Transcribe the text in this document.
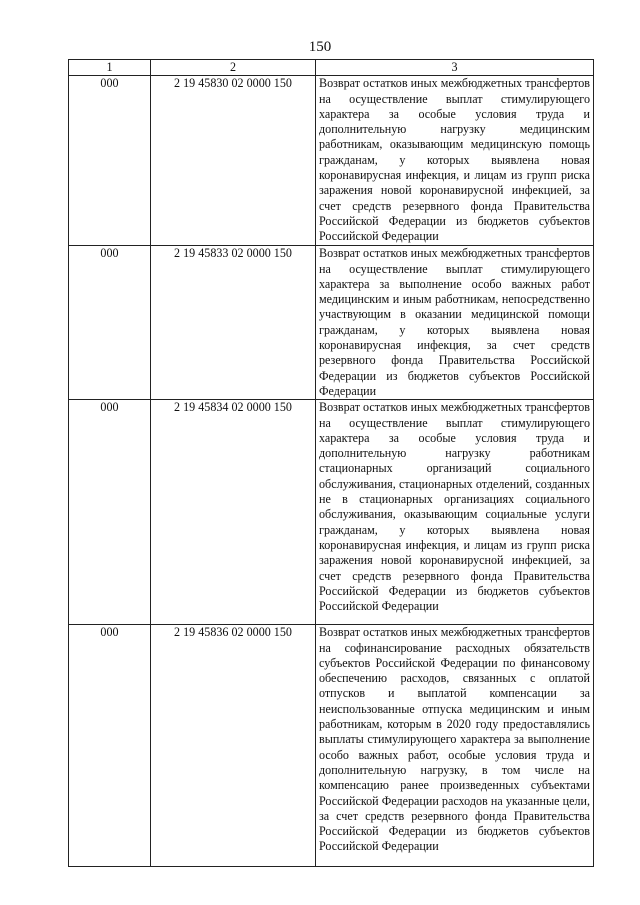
150
1	2	3
000	2 19 45830 02 0000 150	Возврат остатков иных межбюджетных трансфертов на осуществление выплат стимулирующего характера за особые условия труда и дополнительную нагрузку медицинским работникам, оказывающим медицинскую помощь гражданам, у которых выявлена новая коронавирусная инфекция, и лицам из групп риска заражения новой коронавирусной инфекцией, за счет средств резервного фонда Правительства Российской Федерации из бюджетов субъектов Российской Федерации
000	2 19 45833 02 0000 150	Возврат остатков иных межбюджетных трансфертов на осуществление выплат стимулирующего характера за выполнение особо важных работ медицинским и иным работникам, непосредственно участвующим в оказании медицинской помощи гражданам, у которых выявлена новая коронавирусная инфекция, за счет средств резервного фонда Правительства Российской Федерации из бюджетов субъектов Российской Федерации
000	2 19 45834 02 0000 150	Возврат остатков иных межбюджетных трансфертов на осуществление выплат стимулирующего характера за особые условия труда и дополнительную нагрузку работникам стационарных организаций социального обслуживания, стационарных отделений, созданных не в стационарных организациях социального обслуживания, оказывающим социальные услуги гражданам, у которых выявлена новая коронавирусная инфекция, и лицам из групп риска заражения новой коронавирусной инфекцией, за счет средств резервного фонда Правительства Российской Федерации из бюджетов субъектов Российской Федерации
000	2 19 45836 02 0000 150	Возврат остатков иных межбюджетных трансфертов на софинансирование расходных обязательств субъектов Российской Федерации по финансовому обеспечению расходов, связанных с оплатой отпусков и выплатой компенсации за неиспользованные отпуска медицинским и иным работникам, которым в 2020 году предоставлялись выплаты стимулирующего характера за выполнение особо важных работ, особые условия труда и дополнительную нагрузку, в том числе на компенсацию ранее произведенных субъектами Российской Федерации расходов на указанные цели, за счет средств резервного фонда Правительства Российской Федерации из бюджетов субъектов Российской Федерации
